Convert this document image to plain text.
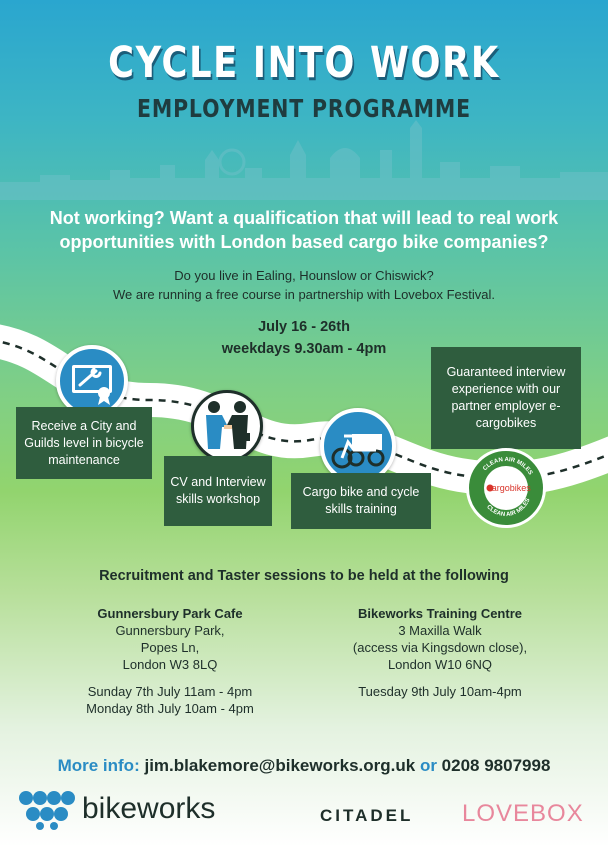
CYCLE INTO WORK
EMPLOYMENT PROGRAMME
Not working? Want a qualification that will lead to real work opportunities with London based cargo bike companies?
Do you live in Ealing, Hounslow or Chiswick?
We are running a free course in partnership with Lovebox Festival.
July 16 - 26th
weekdays 9.30am - 4pm
Receive a City and Guilds level in bicycle maintenance
CV and Interview skills workshop	Cargo bike and cycle skills training
Guaranteed interview experience with our partner employer e-cargobikes
CLEAN AIR MILES
CLEAN AIR MILES
cargobikes
Recruitment and Taster sessions to be held at the following
Gunnersbury Park Cafe
Gunnersbury Park,
Popes Ln,
London W3 8LQ
Sunday 7th July 11am - 4pm
Monday 8th July 10am - 4pm
Bikeworks Training Centre
3 Maxilla Walk
(access via Kingsdown close),
London W10 6NQ
Tuesday 9th July 10am-4pm
More info: jim.blakemore@bikeworks.org.uk or 0208 9807998
bikeworks	CITADEL LOVEBOX
